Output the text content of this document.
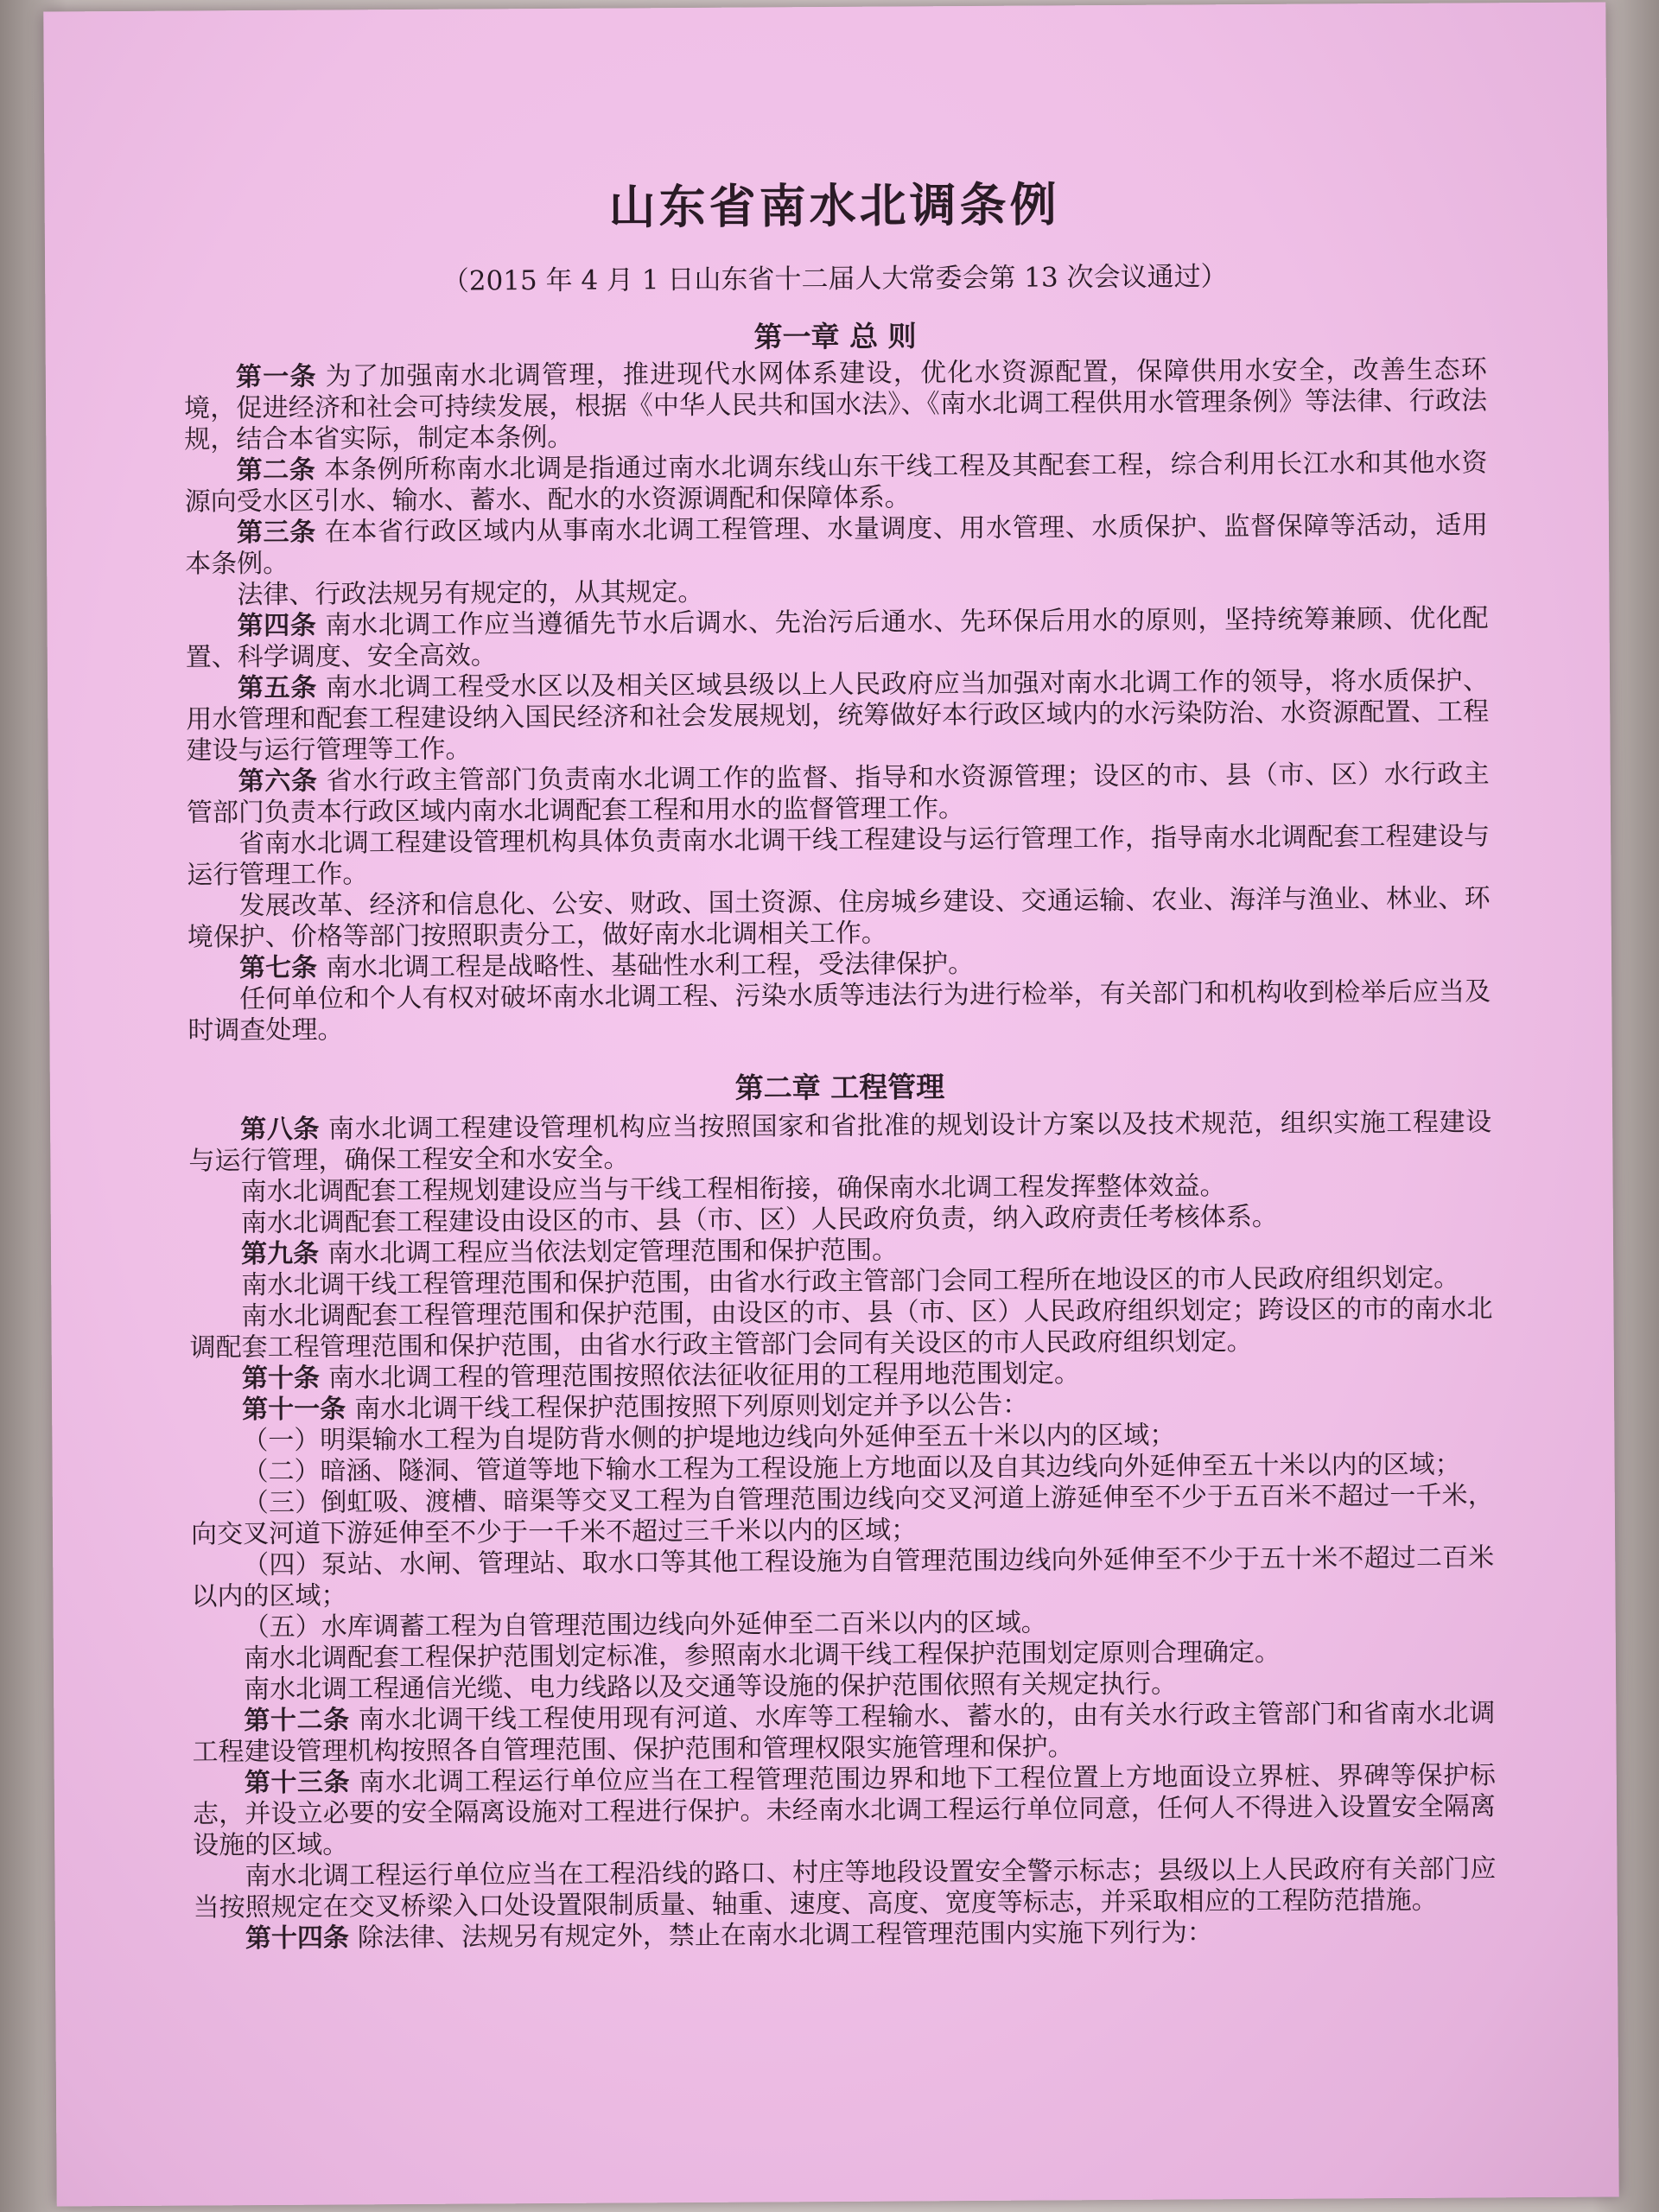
山东省南水北调条例
（2015 年 4 月 1 日山东省十二届人大常委会第 13 次会议通过）
第一章 总 则

第一条 为了加强南水北调管理，推进现代水网体系建设，优化水资源配置，保障供用水安全，改善生态环境，促进经济和社会可持续发展，根据《中华人民共和国水法》、《南水北调工程供用水管理条例》等法律、行政法规，结合本省实际，制定本条例。

第二条 本条例所称南水北调是指通过南水北调东线山东干线工程及其配套工程，综合利用长江水和其他水资源向受水区引水、输水、蓄水、配水的水资源调配和保障体系。

第三条 在本省行政区域内从事南水北调工程管理、水量调度、用水管理、水质保护、监督保障等活动，适用本条例。

法律、行政法规另有规定的，从其规定。

第四条 南水北调工作应当遵循先节水后调水、先治污后通水、先环保后用水的原则，坚持统筹兼顾、优化配置、科学调度、安全高效。

第五条 南水北调工程受水区以及相关区域县级以上人民政府应当加强对南水北调工作的领导，将水质保护、用水管理和配套工程建设纳入国民经济和社会发展规划，统筹做好本行政区域内的水污染防治、水资源配置、工程建设与运行管理等工作。

第六条 省水行政主管部门负责南水北调工作的监督、指导和水资源管理；设区的市、县（市、区）水行政主管部门负责本行政区域内南水北调配套工程和用水的监督管理工作。

省南水北调工程建设管理机构具体负责南水北调干线工程建设与运行管理工作，指导南水北调配套工程建设与运行管理工作。

发展改革、经济和信息化、公安、财政、国土资源、住房城乡建设、交通运输、农业、海洋与渔业、林业、环境保护、价格等部门按照职责分工，做好南水北调相关工作。

第七条 南水北调工程是战略性、基础性水利工程，受法律保护。

任何单位和个人有权对破坏南水北调工程、污染水质等违法行为进行检举，有关部门和机构收到检举后应当及时调查处理。

第二章 工程管理

第八条 南水北调工程建设管理机构应当按照国家和省批准的规划设计方案以及技术规范，组织实施工程建设与运行管理，确保工程安全和水安全。

南水北调配套工程规划建设应当与干线工程相衔接，确保南水北调工程发挥整体效益。

南水北调配套工程建设由设区的市、县（市、区）人民政府负责，纳入政府责任考核体系。

第九条 南水北调工程应当依法划定管理范围和保护范围。

南水北调干线工程管理范围和保护范围，由省水行政主管部门会同工程所在地设区的市人民政府组织划定。

南水北调配套工程管理范围和保护范围，由设区的市、县（市、区）人民政府组织划定；跨设区的市的南水北调配套工程管理范围和保护范围，由省水行政主管部门会同有关设区的市人民政府组织划定。

第十条 南水北调工程的管理范围按照依法征收征用的工程用地范围划定。

第十一条 南水北调干线工程保护范围按照下列原则划定并予以公告：

（一）明渠输水工程为自堤防背水侧的护堤地边线向外延伸至五十米以内的区域；

（二）暗涵、隧洞、管道等地下输水工程为工程设施上方地面以及自其边线向外延伸至五十米以内的区域；

（三）倒虹吸、渡槽、暗渠等交叉工程为自管理范围边线向交叉河道上游延伸至不少于五百米不超过一千米，向交叉河道下游延伸至不少于一千米不超过三千米以内的区域；

（四）泵站、水闸、管理站、取水口等其他工程设施为自管理范围边线向外延伸至不少于五十米不超过二百米以内的区域；

（五）水库调蓄工程为自管理范围边线向外延伸至二百米以内的区域。

南水北调配套工程保护范围划定标准，参照南水北调干线工程保护范围划定原则合理确定。

南水北调工程通信光缆、电力线路以及交通等设施的保护范围依照有关规定执行。

第十二条 南水北调干线工程使用现有河道、水库等工程输水、蓄水的，由有关水行政主管部门和省南水北调工程建设管理机构按照各自管理范围、保护范围和管理权限实施管理和保护。

第十三条 南水北调工程运行单位应当在工程管理范围边界和地下工程位置上方地面设立界桩、界碑等保护标志，并设立必要的安全隔离设施对工程进行保护。未经南水北调工程运行单位同意，任何人不得进入设置安全隔离设施的区域。

南水北调工程运行单位应当在工程沿线的路口、村庄等地段设置安全警示标志；县级以上人民政府有关部门应当按照规定在交叉桥梁入口处设置限制质量、轴重、速度、高度、宽度等标志，并采取相应的工程防范措施。

第十四条 除法律、法规另有规定外，禁止在南水北调工程管理范围内实施下列行为：
